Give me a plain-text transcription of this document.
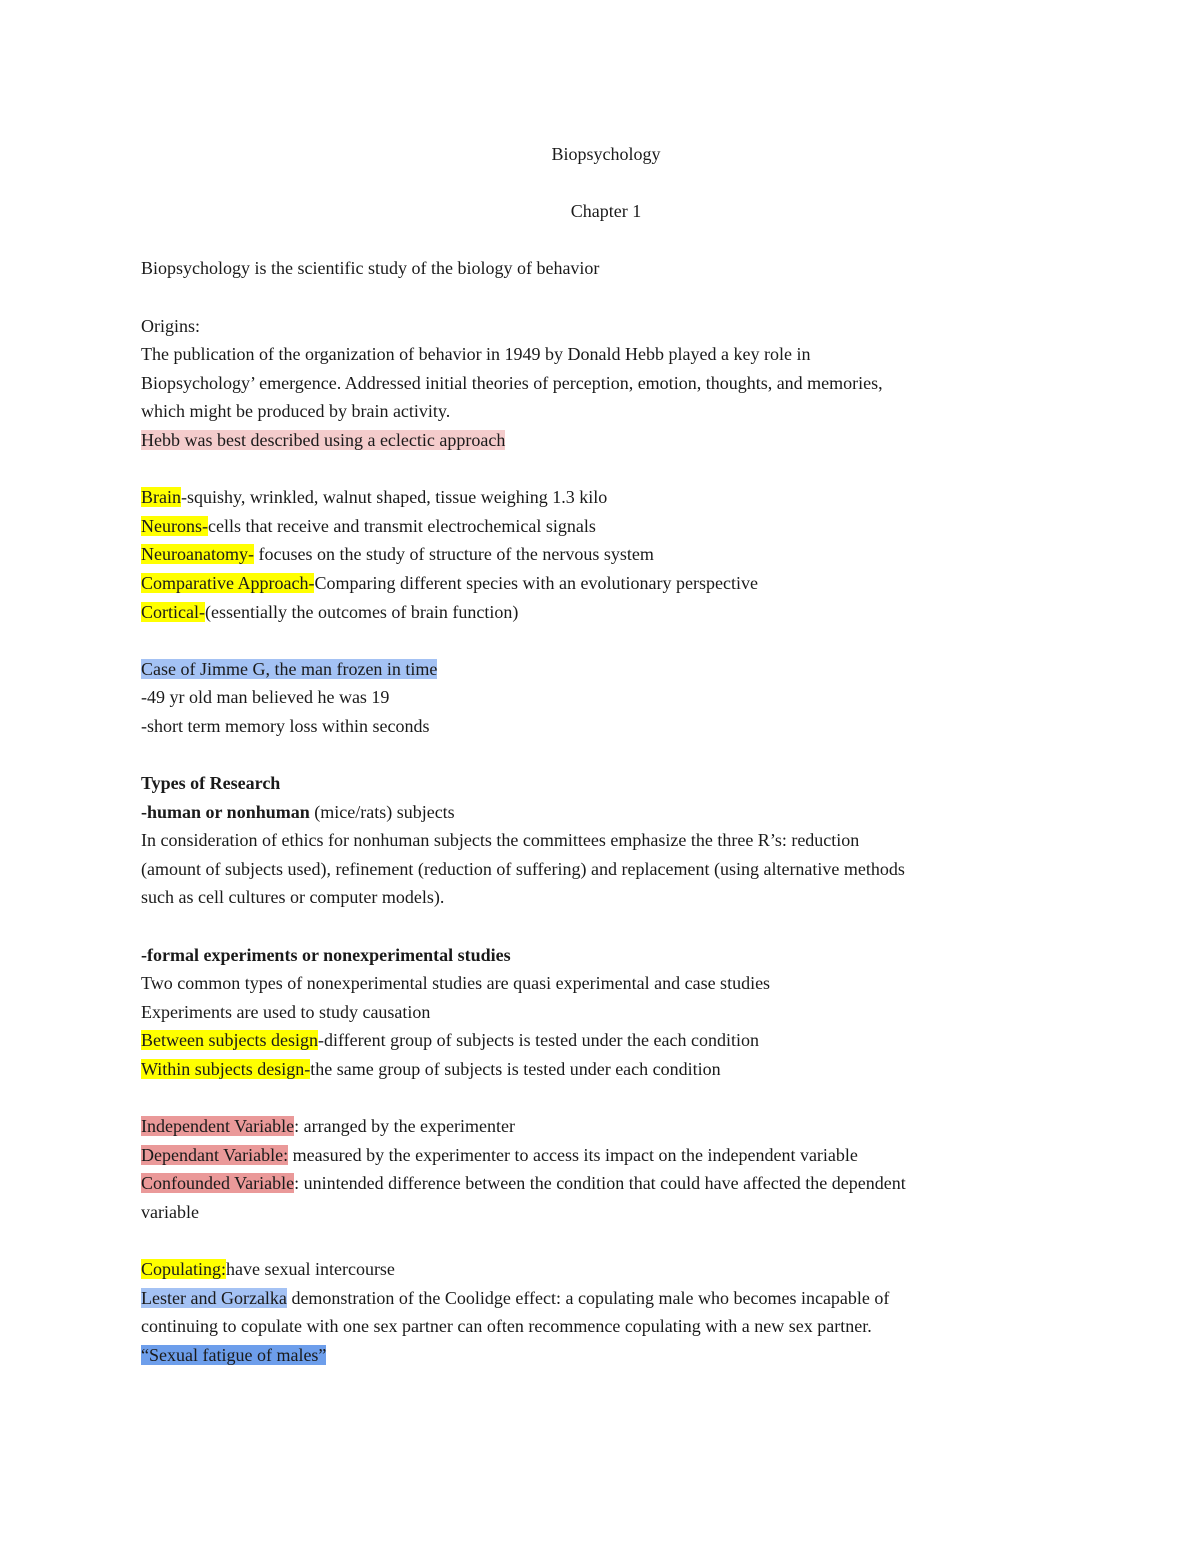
Biopsychology
Chapter 1
Biopsychology is the scientific study of the biology of behavior
Origins:
The publication of the organization of behavior in 1949 by Donald Hebb played a key role in
Biopsychology’ emergence. Addressed initial theories of perception, emotion, thoughts, and memories,
which might be produced by brain activity.
Hebb was best described using a eclectic approach
Brain-squishy, wrinkled, walnut shaped, tissue weighing 1.3 kilo
Neurons-cells that receive and transmit electrochemical signals
Neuroanatomy- focuses on the study of structure of the nervous system
Comparative Approach-Comparing different species with an evolutionary perspective
Cortical-(essentially the outcomes of brain function)
Case of Jimme G, the man frozen in time
-49 yr old man believed he was 19
-short term memory loss within seconds
Types of Research
-human or nonhuman (mice/rats) subjects
In consideration of ethics for nonhuman subjects the committees emphasize the three R’s: reduction
(amount of subjects used), refinement (reduction of suffering) and replacement (using alternative methods
such as cell cultures or computer models).
-formal experiments or nonexperimental studies
Two common types of nonexperimental studies are quasi experimental and case studies
Experiments are used to study causation
Between subjects design-different group of subjects is tested under the each condition
Within subjects design-the same group of subjects is tested under each condition
Independent Variable: arranged by the experimenter
Dependant Variable: measured by the experimenter to access its impact on the independent variable
Confounded Variable: unintended difference between the condition that could have affected the dependent
variable
Copulating:have sexual intercourse
Lester and Gorzalka demonstration of the Coolidge effect: a copulating male who becomes incapable of
continuing to copulate with one sex partner can often recommence copulating with a new sex partner.
“Sexual fatigue of males”
